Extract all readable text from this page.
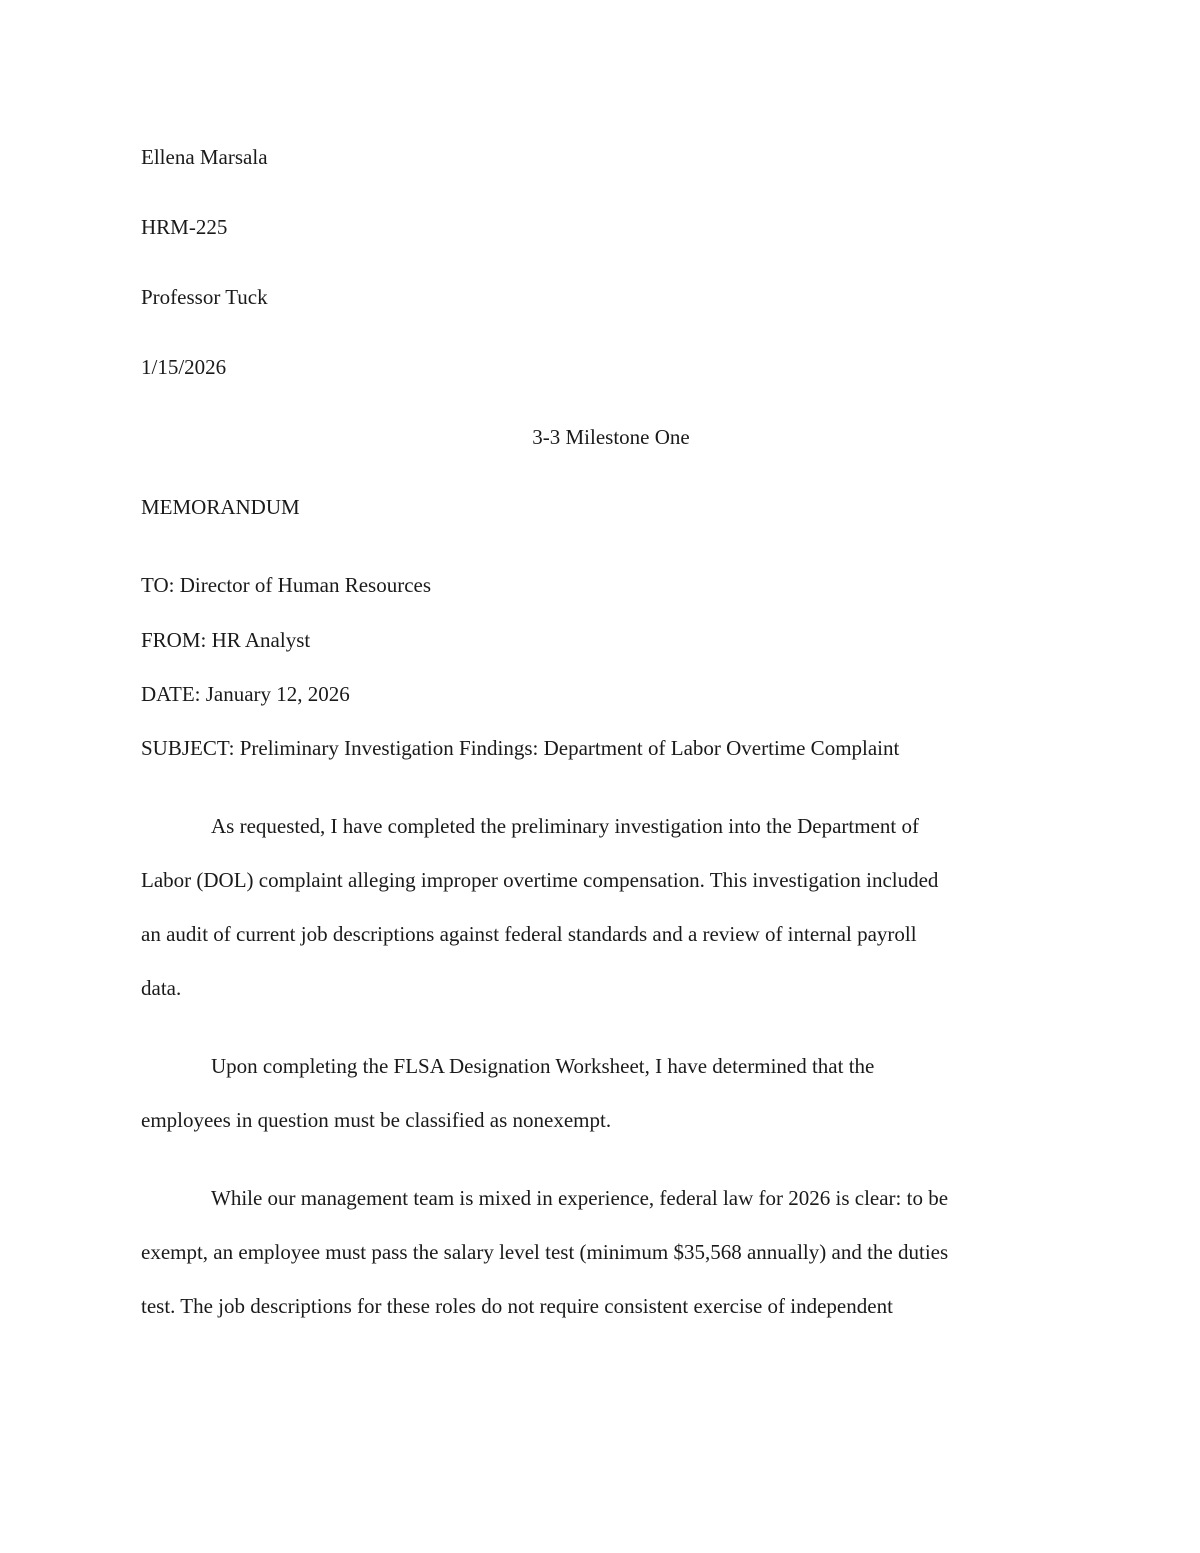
Ellena Marsala
HRM-225
Professor Tuck
1/15/2026
3-3 Milestone One
MEMORANDUM
TO: Director of Human Resources
FROM: HR Analyst
DATE: January 12, 2026
SUBJECT: Preliminary Investigation Findings: Department of Labor Overtime Complaint
As requested, I have completed the preliminary investigation into the Department of
Labor (DOL) complaint alleging improper overtime compensation. This investigation included
an audit of current job descriptions against federal standards and a review of internal payroll
data.
Upon completing the FLSA Designation Worksheet, I have determined that the
employees in question must be classified as nonexempt.
While our management team is mixed in experience, federal law for 2026 is clear: to be
exempt, an employee must pass the salary level test (minimum $35,568 annually) and the duties
test. The job descriptions for these roles do not require consistent exercise of independent
